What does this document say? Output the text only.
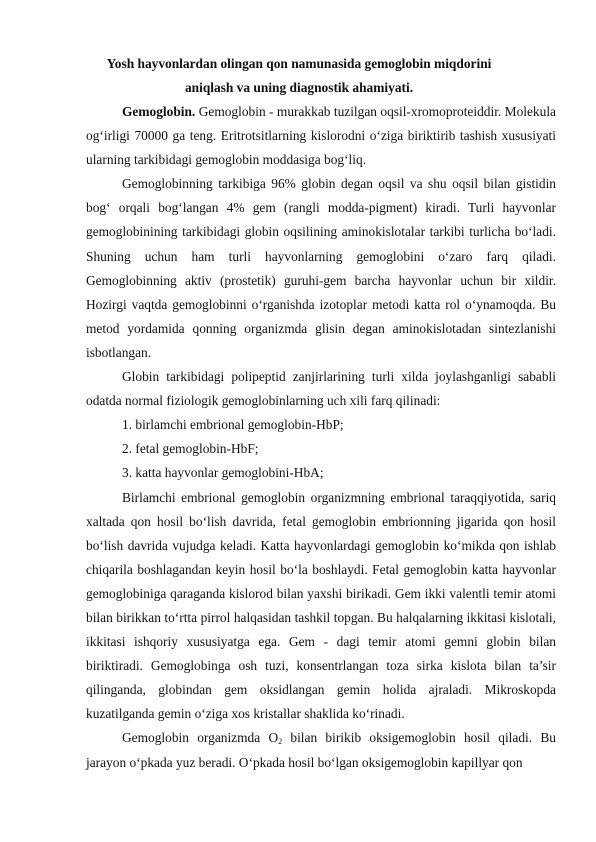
Yosh hayvonlardan olingan qon namunasida gemoglobin miqdorini
aniqlash va uning diagnostik ahamiyati.

Gemoglobin. Gemoglobin - murakkab tuzilgan oqsil-xromoproteiddir. Molekula og‘irligi 70000 ga teng. Eritrotsitlarning kislorodni o‘ziga biriktirib tashish xususiyati ularning tarkibidagi gemoglobin moddasiga bog‘liq.

Gemoglobinning tarkibiga 96% globin degan oqsil va shu oqsil bilan gistidin bog‘ orqali bog‘langan 4% gem (rangli modda-pigment) kiradi. Turli hayvonlar gemoglobinining tarkibidagi globin oqsilining aminokislotalar tarkibi turlicha bo‘ladi. Shuning uchun ham turli hayvonlarning gemoglobini o‘zaro farq qiladi. Gemoglobinning aktiv (prostetik) guruhi-gem barcha hayvonlar uchun bir xildir. Hozirgi vaqtda gemoglobinni o‘rganishda izotoplar metodi katta rol o‘ynamoqda. Bu metod yordamida qonning organizmda glisin degan aminokislotadan sintezlanishi isbotlangan.

Globin tarkibidagi polipeptid zanjirlarining turli xilda joylashganligi sababli odatda normal fiziologik gemoglobinlarning uch xili farq qilinadi:

1. birlamchi embrional gemoglobin-HbP;

2. fetal gemoglobin-HbF;

3. katta hayvonlar gemoglobini-HbA;

Birlamchi embrional gemoglobin organizmning embrional taraqqiyotida, sariq xaltada qon hosil bo‘lish davrida, fetal gemoglobin embrionning jigarida qon hosil bo‘lish davrida vujudga keladi. Katta hayvonlardagi gemoglobin ko‘mikda qon ishlab chiqarila boshlagandan keyin hosil bo‘la boshlaydi. Fetal gemoglobin katta hayvonlar gemoglobiniga qaraganda kislorod bilan yaxshi birikadi. Gem ikki valentli temir atomi bilan birikkan to‘rtta pirrol halqasidan tashkil topgan. Bu halqalarning ikkitasi kislotali, ikkitasi ishqoriy xususiyatga ega. Gem - dagi temir atomi gemni globin bilan biriktiradi. Gemoglobinga osh tuzi, konsentrlangan toza sirka kislota bilan ta’sir qilinganda, globindan gem oksidlangan gemin holida ajraladi. Mikroskopda kuzatilganda gemin o‘ziga xos kristallar shaklida ko‘rinadi.

Gemoglobin organizmda $O_2$ bilan birikib oksigemoglobin hosil qiladi. Bu jarayon o‘pkada yuz beradi. O‘pkada hosil bo‘lgan oksigemoglobin kapillyar qon
